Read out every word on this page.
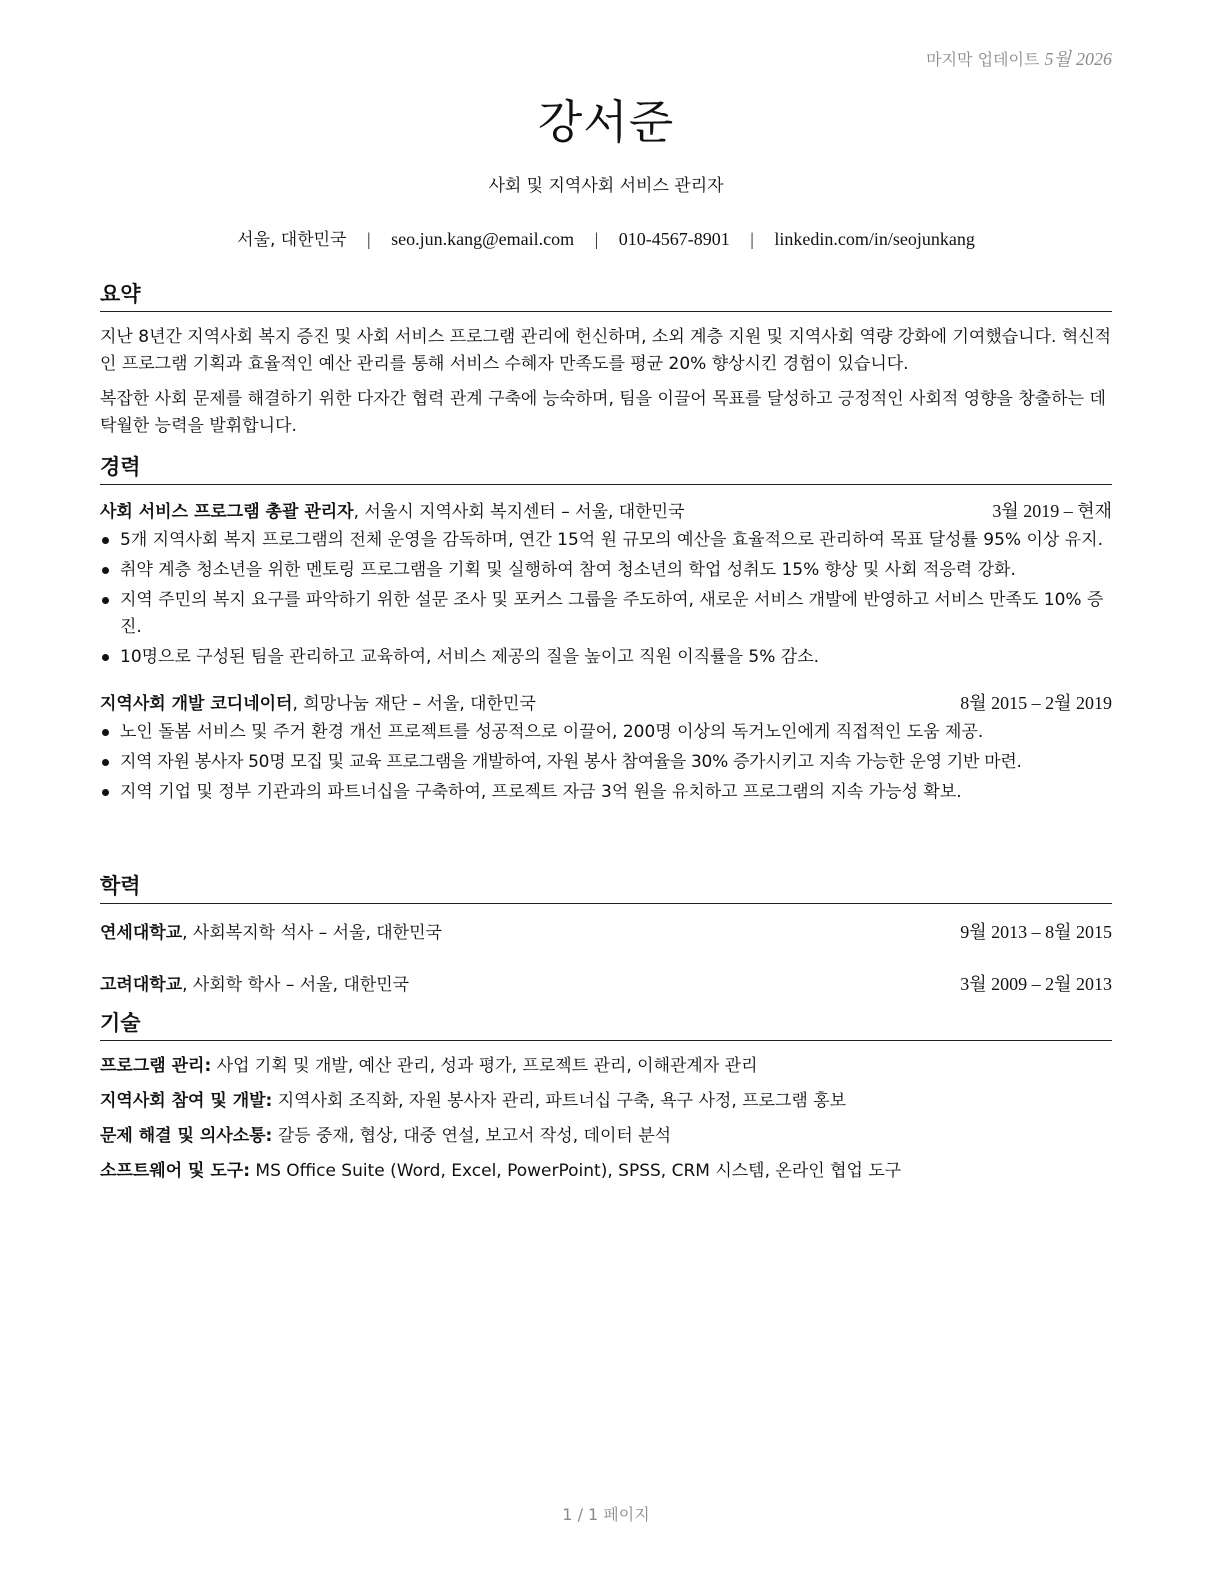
마지막 업데이트 5월 2026
강서준
사회 및 지역사회 서비스 관리자
서울, 대한민국 | seo.jun.kang@email.com | 010-4567-8901 | linkedin.com/in/seojunkang
요약

지난 8년간 지역사회 복지 증진 및 사회 서비스 프로그램 관리에 헌신하며, 소외 계층 지원 및 지역사회 역량 강화에 기여했습니다. 혁신적인 프로그램 기획과 효율적인 예산 관리를 통해 서비스 수혜자 만족도를 평균 20% 향상시킨 경험이 있습니다.

복잡한 사회 문제를 해결하기 위한 다자간 협력 관계 구축에 능숙하며, 팀을 이끌어 목표를 달성하고 긍정적인 사회적 영향을 창출하는 데 탁월한 능력을 발휘합니다.

경력
사회 서비스 프로그램 총괄 관리자, 서울시 지역사회 복지센터 – 서울, 대한민국	3월 2019 – 현재
5개 지역사회 복지 프로그램의 전체 운영을 감독하며, 연간 15억 원 규모의 예산을 효율적으로 관리하여 목표 달성률 95% 이상 유지.
취약 계층 청소년을 위한 멘토링 프로그램을 기획 및 실행하여 참여 청소년의 학업 성취도 15% 향상 및 사회 적응력 강화.
지역 주민의 복지 요구를 파악하기 위한 설문 조사 및 포커스 그룹을 주도하여, 새로운 서비스 개발에 반영하고 서비스 만족도 10% 증진.
10명으로 구성된 팀을 관리하고 교육하여, 서비스 제공의 질을 높이고 직원 이직률을 5% 감소.
지역사회 개발 코디네이터, 희망나눔 재단 – 서울, 대한민국	8월 2015 – 2월 2019
노인 돌봄 서비스 및 주거 환경 개선 프로젝트를 성공적으로 이끌어, 200명 이상의 독거노인에게 직접적인 도움 제공.
지역 자원 봉사자 50명 모집 및 교육 프로그램을 개발하여, 자원 봉사 참여율을 30% 증가시키고 지속 가능한 운영 기반 마련.
지역 기업 및 정부 기관과의 파트너십을 구축하여, 프로젝트 자금 3억 원을 유치하고 프로그램의 지속 가능성 확보.
학력
연세대학교, 사회복지학 석사 – 서울, 대한민국	9월 2013 – 8월 2015
고려대학교, 사회학 학사 – 서울, 대한민국	3월 2009 – 2월 2013
기술
프로그램 관리: 사업 기획 및 개발, 예산 관리, 성과 평가, 프로젝트 관리, 이해관계자 관리
지역사회 참여 및 개발: 지역사회 조직화, 자원 봉사자 관리, 파트너십 구축, 욕구 사정, 프로그램 홍보
문제 해결 및 의사소통: 갈등 중재, 협상, 대중 연설, 보고서 작성, 데이터 분석
소프트웨어 및 도구: MS Office Suite (Word, Excel, PowerPoint), SPSS, CRM 시스템, 온라인 협업 도구
1 / 1 페이지
